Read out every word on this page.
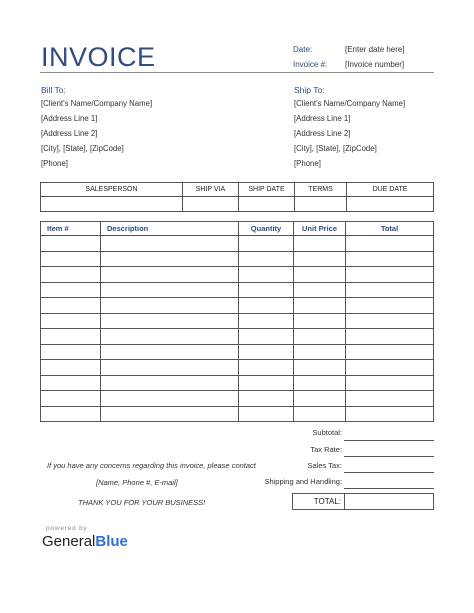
INVOICE	Date:	[Enter date here]
Invoice #: [Invoice number]
Bill To:
[Client's Name/Company Name]
[Address Line 1]
[Address Line 2]
[City], [State], [ZipCode]
[Phone]
Ship To:
[Client's Name/Company Name]
[Address Line 1]
[Address Line 2]
[City], [State], [ZipCode]
[Phone]
SALESPERSON	SHIP VIA	SHIP DATE	TERMS	DUE DATE

Item #	Description	Quantity	Unit Price	Total

Subtotal:
Tax Rate:
Sales Tax:
Shipping and Handling:
TOTAL:
If you have any concerns regarding this invoice, please contact
[Name, Phone #, E-mail]
THANK YOU FOR YOUR BUSINESS!
powered by
GeneralBlue
